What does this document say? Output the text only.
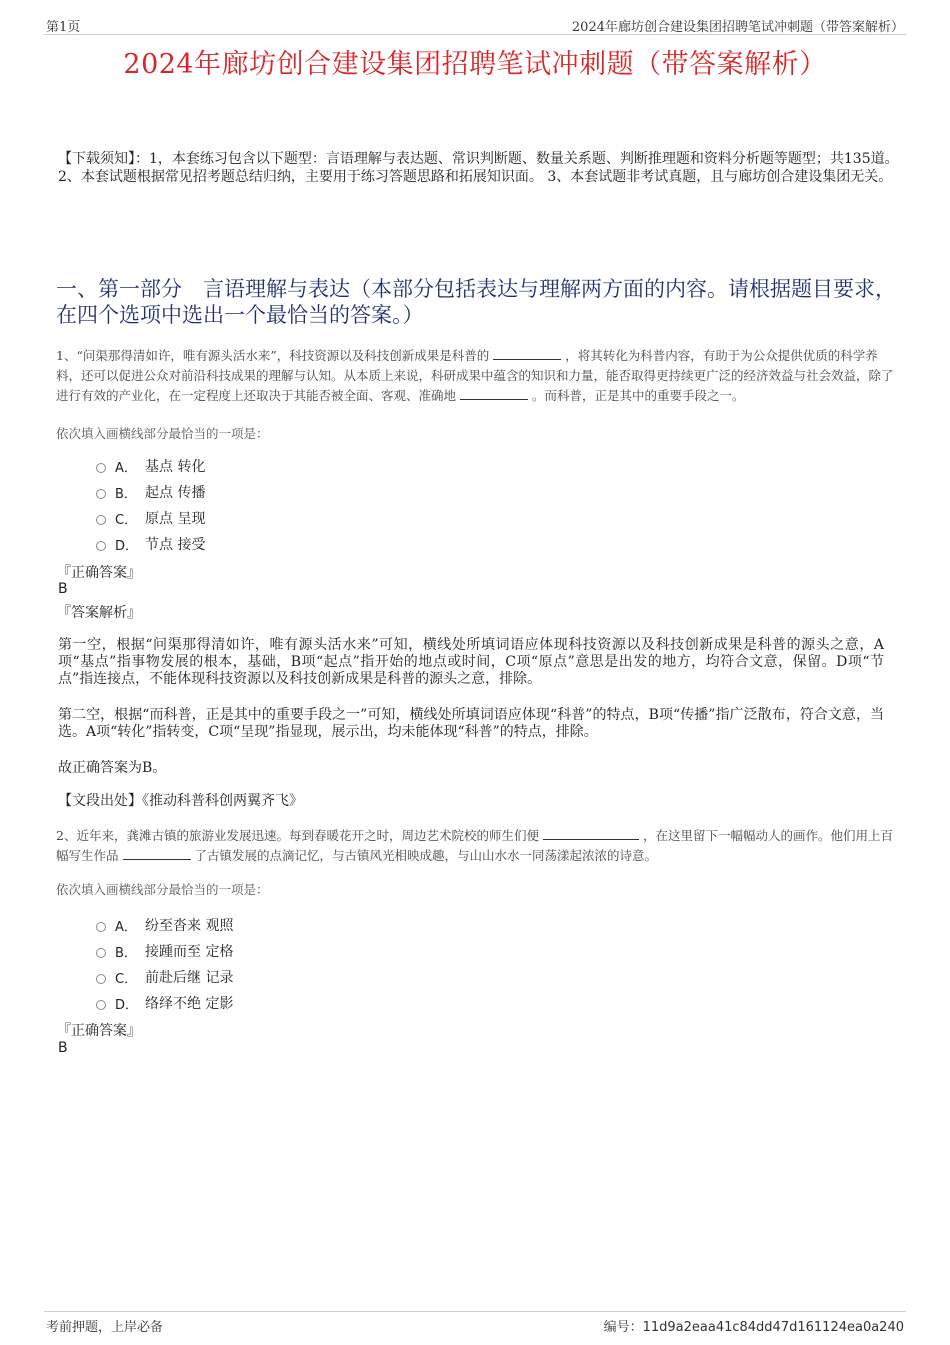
第1页	2024年廊坊创合建设集团招聘笔试冲刺题（带答案解析）
2024年廊坊创合建设集团招聘笔试冲刺题（带答案解析）
【下载须知】：1，本套练习包含以下题型：言语理解与表达题、常识判断题、数量关系题、判断推理题和资料分析题等题型；共135道。 2、本套试题根据常见招考题总结归纳，主要用于练习答题思路和拓展知识面。 3、本套试题非考试真题，且与廊坊创合建设集团无关。
一、第一部分　言语理解与表达（本部分包括表达与理解两方面的内容。请根据题目要求，在四个选项中选出一个最恰当的答案。）
1、“问渠那得清如许，唯有源头活水来”，科技资源以及科技创新成果是科普的	，将其转化为科普内容，有助于为公众提供优质的科学养料，还可以促进公众对前沿科技成果的理解与认知。从本质上来说，科研成果中蕴含的知识和力量，能否取得更持续更广泛的经济效益与社会效益，除了进行有效的产业化，在一定程度上还取决于其能否被全面、客观、准确地	。而科普，正是其中的重要手段之一。
依次填入画横线部分最恰当的一项是：
A． 基点 转化
B． 起点 传播
C． 原点 呈现
D． 节点 接受
『正确答案』
B
『答案解析』
第一空，根据“问渠那得清如许，唯有源头活水来”可知，横线处所填词语应体现科技资源以及科技创新成果是科普的源头之意，A项“基点”指事物发展的根本，基础，B项“起点”指开始的地点或时间，C项“原点”意思是出发的地方，均符合文意，保留。D项“节点”指连接点，不能体现科技资源以及科技创新成果是科普的源头之意，排除。
第二空，根据“而科普，正是其中的重要手段之一”可知，横线处所填词语应体现“科普”的特点，B项“传播”指广泛散布，符合文意，当选。A项“转化”指转变，C项“呈现”指显现，展示出，均未能体现“科普”的特点，排除。
故正确答案为B。
【文段出处】《推动科普科创两翼齐飞》
2、近年来，龚滩古镇的旅游业发展迅速。每到春暖花开之时，周边艺术院校的师生们便	，在这里留下一幅幅动人的画作。他们用上百幅写生作品	了古镇发展的点滴记忆，与古镇风光相映成趣，与山山水水一同荡漾起浓浓的诗意。
依次填入画横线部分最恰当的一项是：
A． 纷至沓来 观照
B． 接踵而至 定格
C． 前赴后继 记录
D． 络绎不绝 定影
『正确答案』
B
考前押题，上岸必备	编号：11d9a2eaa41c84dd47d161124ea0a240
